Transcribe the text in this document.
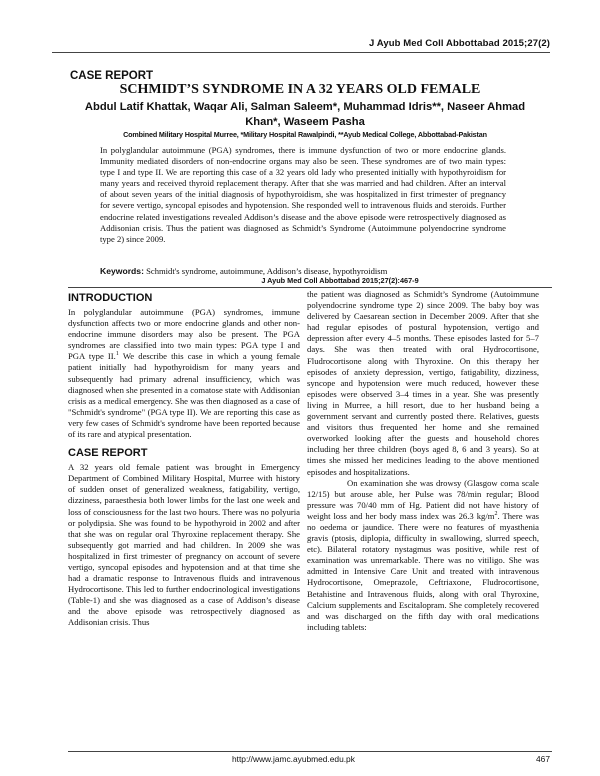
J Ayub Med Coll Abbottabad 2015;27(2)
CASE REPORT
SCHMIDT’S SYNDROME IN A 32 YEARS OLD FEMALE
Abdul Latif Khattak, Waqar Ali, Salman Saleem*, Muhammad Idris**, Naseer Ahmad Khan*, Waseem Pasha
Combined Military Hospital Murree, *Military Hospital Rawalpindi, **Ayub Medical College, Abbottabad-Pakistan

In polyglandular autoimmune (PGA) syndromes, there is immune dysfunction of two or more endocrine glands. Immunity mediated disorders of non-endocrine organs may also be seen. These syndromes are of two main types: type I and type II. We are reporting this case of a 32 years old lady who presented initially with hypothyroidism for many years and received thyroid replacement therapy. After that she was married and had children. After an interval of about seven years of the initial diagnosis of hypothyroidism, she was hospitalized in first trimester of pregnancy for severe vertigo, syncopal episodes and hypotension. She responded well to intravenous fluids and steroids. Further endocrine related investigations revealed Addison’s disease and the above episode were retrospectively diagnosed as Addisonian crisis. Thus the patient was diagnosed as Schmidt’s Syndrome (Autoimmune polyendocrine syndrome type 2) since 2009.

Keywords: Schmidt's syndrome, autoimmune, Addison’s disease, hypothyroidism
J Ayub Med Coll Abbottabad 2015;27(2):467-9
INTRODUCTION

In polyglandular autoimmune (PGA) syndromes, immune dysfunction affects two or more endocrine glands and other non-endocrine immune disorders may also be present. The PGA syndromes are classified into two main types: PGA type I and PGA type II.$^1$ We describe this case in which a young female patient initially had hypothyroidism for many years and subsequently had primary adrenal insufficiency, which was diagnosed when she presented in a comatose state with Addisonian crisis as a medical emergency. She was then diagnosed as a case of "Schmidt's syndrome" (PGA type II). We are reporting this case as very few cases of Schmidt's syndrome have been reported because of its rare and atypical presentation.

CASE REPORT

A 32 years old female patient was brought in Emergency Department of Combined Military Hospital, Murree with history of sudden onset of generalized weakness, fatigability, vertigo, dizziness, paraesthesia both lower limbs for the last one week and loss of consciousness for the last two hours. There was no polyuria or polydipsia. She was found to be hypothyroid in 2002 and after that she was on regular oral Thyroxine replacement therapy. She subsequently got married and had children. In 2009 she was hospitalized in first trimester of pregnancy on account of severe vertigo, syncopal episodes and hypotension and at that time she had a dramatic response to Intravenous fluids and intravenous Hydrocortisone. This led to further endocrinological investigations (Table-1) and she was diagnosed as a case of Addison’s disease and the above episode was retrospectively diagnosed as Addisonian crisis. Thus

the patient was diagnosed as Schmidt’s Syndrome (Autoimmune polyendocrine syndrome type 2) since 2009. The baby boy was delivered by Caesarean section in December 2009. After that she had regular episodes of postural hypotension, vertigo and depression after every 4–5 months. These episodes lasted for 5–7 days. She was then treated with oral Hydrocortisone, Fludrocortisone along with Thyroxine. On this therapy her episodes of anxiety depression, vertigo, fatigability, dizziness, syncope and hypotension were much reduced, however these episodes were observed 3–4 times in a year. She was presently living in Murree, a hill resort, due to her husband being a government servant and currently posted there. Relatives, guests and visitors thus frequented her home and she remained overworked looking after the guests and household chores including her three children (boys aged 8, 6 and 3 years). So at times she missed her medicines leading to the above mentioned episodes and hospitalizations.

On examination she was drowsy (Glasgow coma scale 12/15) but arouse able, her Pulse was 78/min regular; Blood pressure was 70/40 mm of Hg. Patient did not have history of weight loss and her body mass index was 26.3 $kg/m^2$. There was no oedema or jaundice. There were no features of myasthenia gravis (ptosis, diplopia, difficulty in swallowing, slurred speech, etc). Bilateral rotatory nystagmus was positive, while rest of examination was unremarkable. There was no vitiligo. She was admitted in Intensive Care Unit and treated with intravenous Hydrocortisone, Omeprazole, Ceftriaxone, Fludrocortisone, Betahistine and Intravenous fluids, along with oral Thyroxine, Calcium supplements and Escitalopram. She completely recovered and was discharged on the fifth day with oral medications including tablets:

http://www.jamc.ayubmed.edu.pk	467
